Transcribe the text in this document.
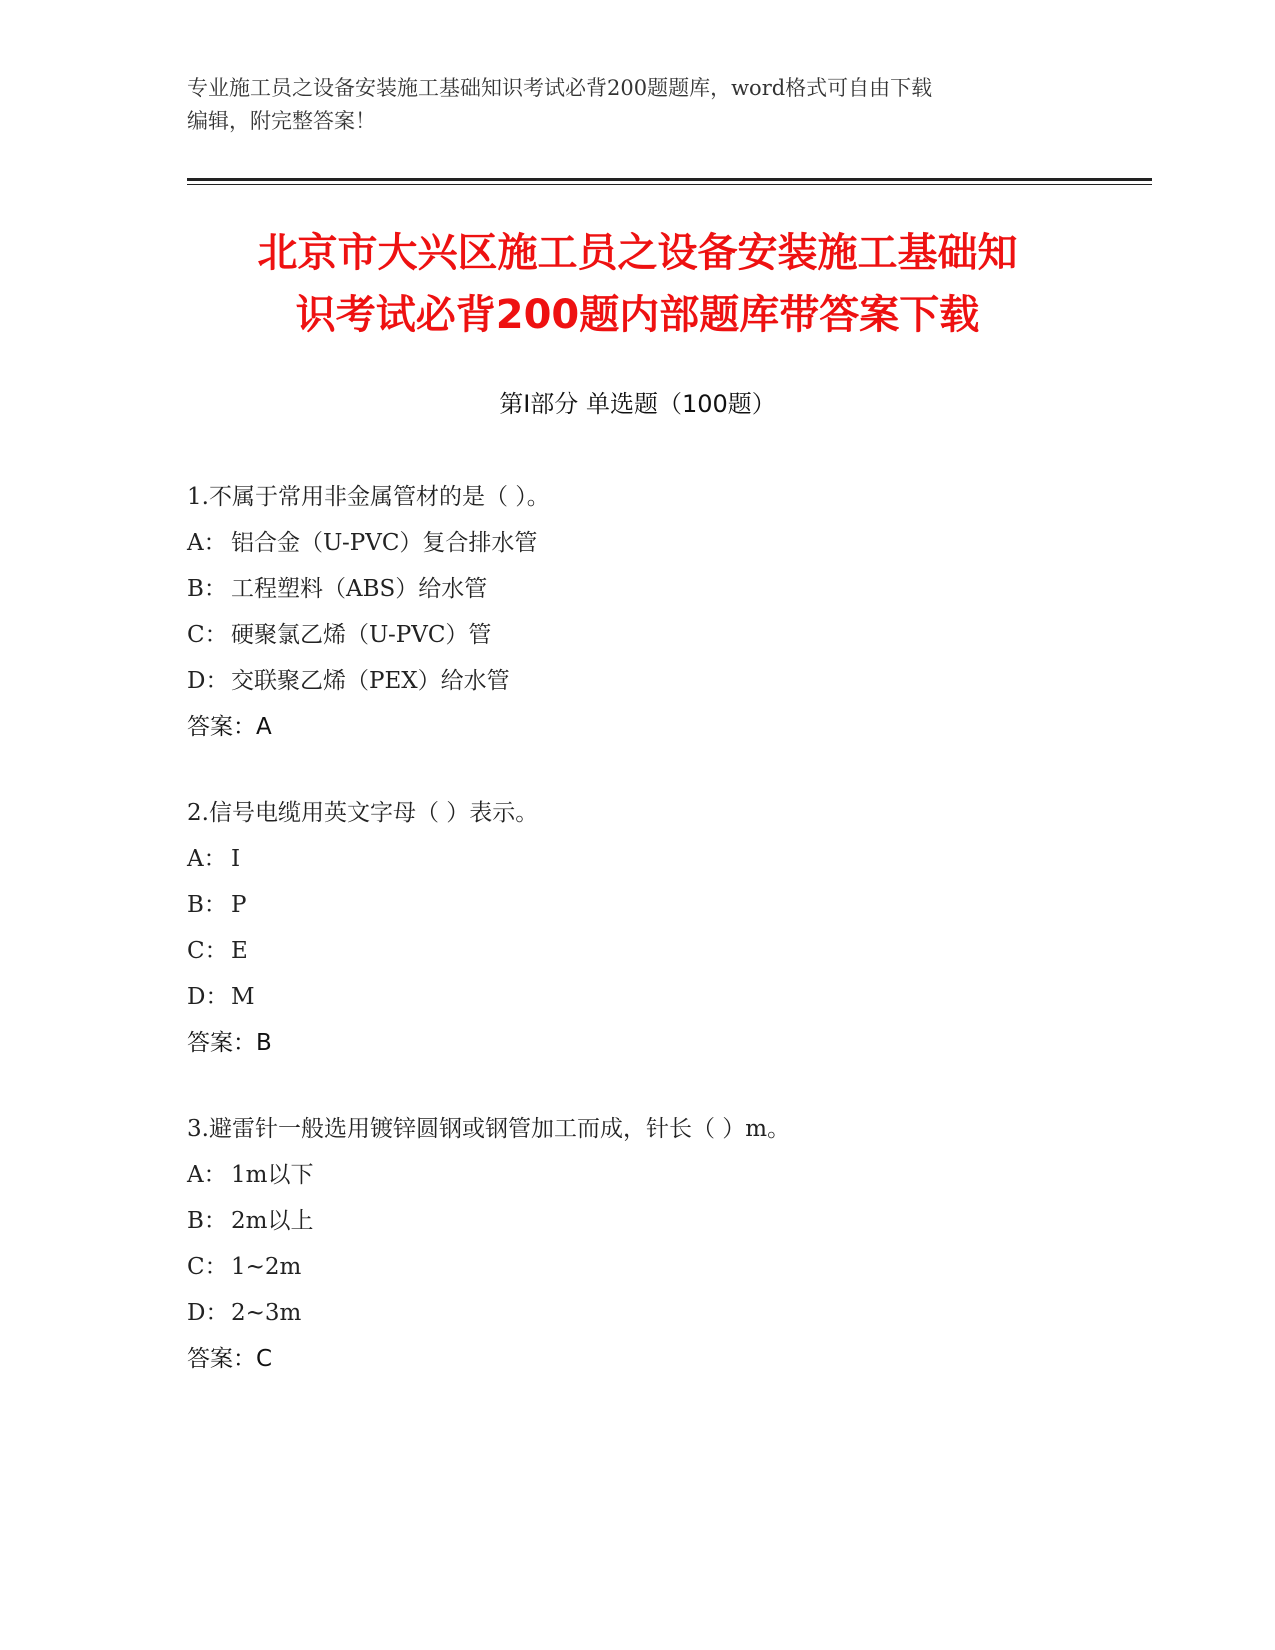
专业施工员之设备安装施工基础知识考试必背200题题库，word格式可自由下载
编辑，附完整答案！
北京市大兴区施工员之设备安装施工基础知
识考试必背200题内部题库带答案下载
第Ⅰ部分 单选题（100题）
1.不属于常用非金属管材的是（ ）。
A： 铝合金（U-PVC）复合排水管
B： 工程塑料（ABS）给水管
C： 硬聚氯乙烯（U-PVC）管
D： 交联聚乙烯（PEX）给水管
答案：A
2.信号电缆用英文字母（ ）表示。
A： I
B： P
C： E
D： M
答案：B
3.避雷针一般选用镀锌圆钢或钢管加工而成，针长（ ）m。
A： 1m以下
B： 2m以上
C： 1~2m
D： 2~3m
答案：C
